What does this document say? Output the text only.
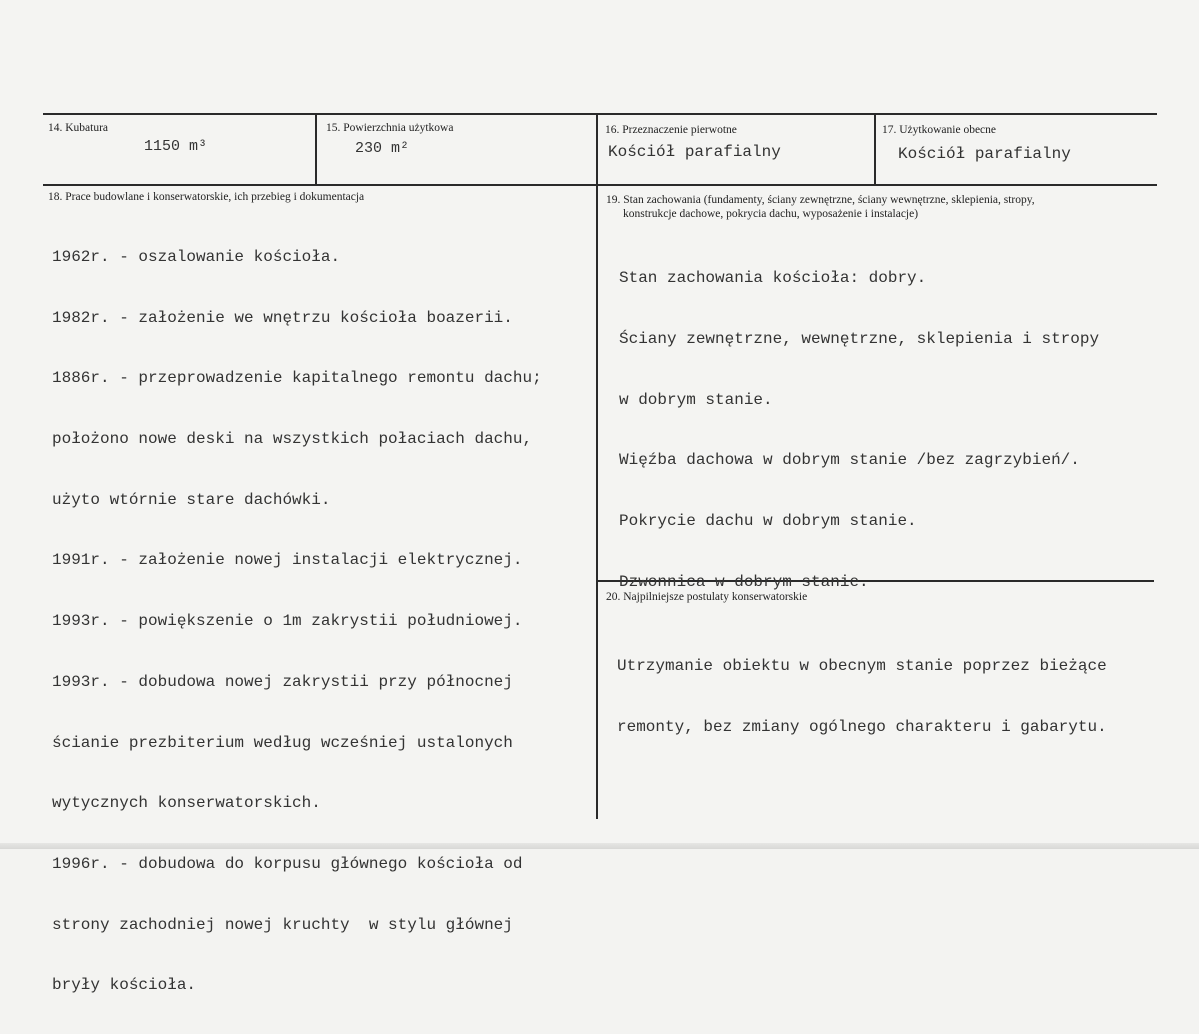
14. Kubatura
1150 m³
15. Powierzchnia użytkowa
230 m²
16. Przeznaczenie pierwotne
Kościół parafialny
17. Użytkowanie obecne
Kościół parafialny
18. Prace budowlane i konserwatorskie, ich przebieg i dokumentacja

1962r. - oszalowanie kościoła.

1982r. - założenie we wnętrzu kościoła boazerii.

1886r. - przeprowadzenie kapitalnego remontu dachu;

położono nowe deski na wszystkich połaciach dachu,

użyto wtórnie stare dachówki.

1991r. - założenie nowej instalacji elektrycznej.

1993r. - powiększenie o 1m zakrystii południowej.

1993r. - dobudowa nowej zakrystii przy północnej

ścianie prezbiterium według wcześniej ustalonych

wytycznych konserwatorskich.

1996r. - dobudowa do korpusu głównego kościoła od

strony zachodniej nowej kruchty  w stylu głównej

bryły kościoła.

19. Stan zachowania (fundamenty, ściany zewnętrzne, ściany wewnętrzne, sklepienia, stropy,
konstrukcje dachowe, pokrycia dachu, wyposażenie i instalacje)

Stan zachowania kościoła: dobry.

Ściany zewnętrzne, wewnętrzne, sklepienia i stropy

w dobrym stanie.

Więźba dachowa w dobrym stanie /bez zagrzybień/.

Pokrycie dachu w dobrym stanie.

Dzwonnica w dobrym stanie.

20. Najpilniejsze postulaty konserwatorskie

Utrzymanie obiektu w obecnym stanie poprzez bieżące

remonty, bez zmiany ogólnego charakteru i gabarytu.
